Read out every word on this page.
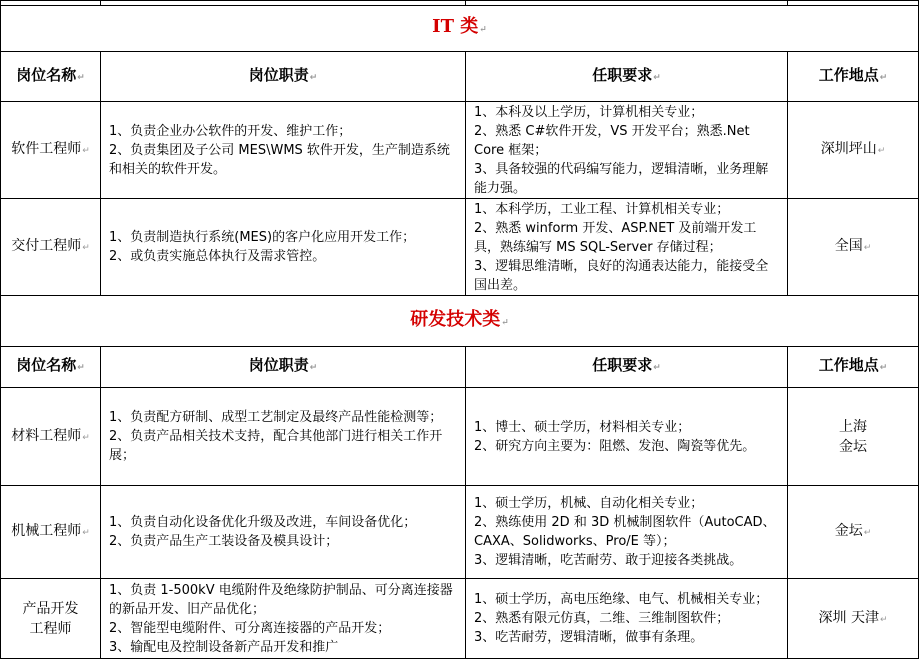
IT 类↵			
岗位名称↵	岗位职责↵	任职要求↵	工作地点↵
软件工程师↵	1、负责企业办公软件的开发、维护工作；
2、负责集团及子公司 MES\WMS 软件开发，生产制造系统和相关的软件开发。	1、本科及以上学历，计算机相关专业；
2、熟悉 C#软件开发，VS 开发平台；熟悉.Net Core 框架；
3、具备较强的代码编写能力，逻辑清晰，业务理解能力强。	深圳坪山↵
交付工程师↵	1、负责制造执行系统(MES)的客户化应用开发工作；
2、或负责实施总体执行及需求管控。	1、本科学历，工业工程、计算机相关专业；
2、熟悉 winform 开发、ASP.NET 及前端开发工具，熟练编写 MS SQL-Server 存储过程；
3、逻辑思维清晰，良好的沟通表达能力，能接受全国出差。	全国↵
研发技术类↵			
岗位名称↵	岗位职责↵	任职要求↵	工作地点↵
材料工程师↵	1、负责配方研制、成型工艺制定及最终产品性能检测等；
2、负责产品相关技术支持，配合其他部门进行相关工作开展；	1、博士、硕士学历，材料相关专业；
2、研究方向主要为：阻燃、发泡、陶瓷等优先。	上海
金坛

机械工程师↵	1、负责自动化设备优化升级及改进，车间设备优化；
2、负责产品生产工装设备及模具设计；	1、硕士学历，机械、自动化相关专业；
2、熟练使用 2D 和 3D 机械制图软件（AutoCAD、CAXA、Solidworks、Pro/E 等）；
3、逻辑清晰，吃苦耐劳、敢于迎接各类挑战。	金坛↵

产品开发
工程师	1、负责 1-500kV 电缆附件及绝缘防护制品、可分离连接器的新品开发、旧产品优化；
2、智能型电缆附件、可分离连接器的产品开发；
3、输配电及控制设备新产品开发和推广	1、硕士学历，高电压绝缘、电气、机械相关专业；
2、熟悉有限元仿真，二维、三维制图软件；
3、吃苦耐劳，逻辑清晰，做事有条理。	深圳 天津↵
